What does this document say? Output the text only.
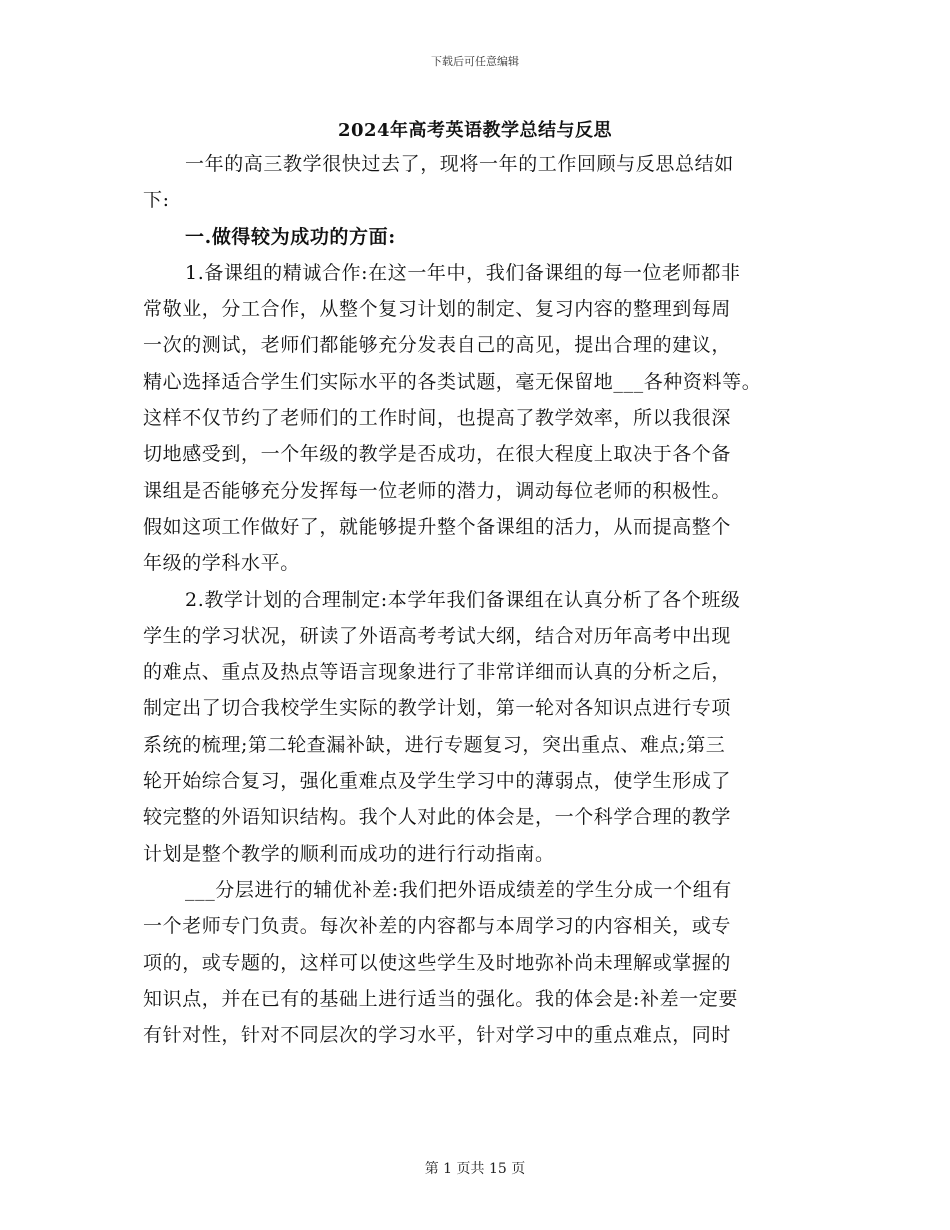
下载后可任意编辑
2024年高考英语教学总结与反思
一年的高三教学很快过去了，现将一年的工作回顾与反思总结如
下:
一.做得较为成功的方面:
1.备课组的精诚合作:在这一年中，我们备课组的每一位老师都非
常敬业，分工合作，从整个复习计划的制定、复习内容的整理到每周
一次的测试，老师们都能够充分发表自己的高见，提出合理的建议，
精心选择适合学生们实际水平的各类试题，毫无保留地___各种资料等。
这样不仅节约了老师们的工作时间，也提高了教学效率，所以我很深
切地感受到，一个年级的教学是否成功，在很大程度上取决于各个备
课组是否能够充分发挥每一位老师的潜力，调动每位老师的积极性。
假如这项工作做好了，就能够提升整个备课组的活力，从而提高整个
年级的学科水平。
2.教学计划的合理制定:本学年我们备课组在认真分析了各个班级
学生的学习状况，研读了外语高考考试大纲，结合对历年高考中出现
的难点、重点及热点等语言现象进行了非常详细而认真的分析之后，
制定出了切合我校学生实际的教学计划，第一轮对各知识点进行专项
系统的梳理;第二轮查漏补缺，进行专题复习，突出重点、难点;第三
轮开始综合复习，强化重难点及学生学习中的薄弱点，使学生形成了
较完整的外语知识结构。我个人对此的体会是，一个科学合理的教学
计划是整个教学的顺利而成功的进行行动指南。
___分层进行的辅优补差:我们把外语成绩差的学生分成一个组有
一个老师专门负责。每次补差的内容都与本周学习的内容相关，或专
项的，或专题的，这样可以使这些学生及时地弥补尚未理解或掌握的
知识点，并在已有的基础上进行适当的强化。我的体会是:补差一定要
有针对性，针对不同层次的学习水平，针对学习中的重点难点，同时
第 1 页共 15 页
